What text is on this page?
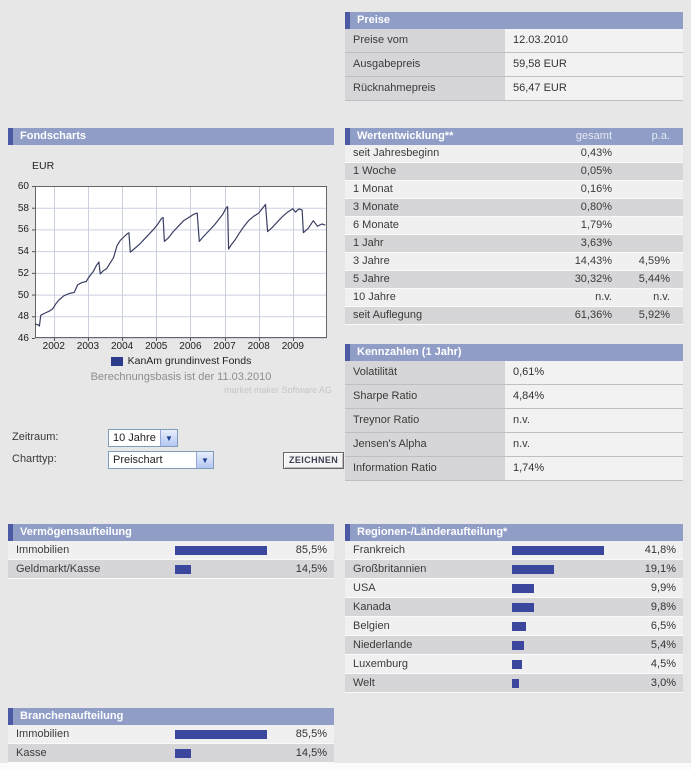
Preise
Preise vom	12.03.2010
Ausgabepreis	59,58 EUR
Rücknahmepreis	56,47 EUR
Fondscharts
EUR
46
48
50
52
54
56
58
60
2002	2003	2004	2005	2006	2007	2008	2009
KanAm grundinvest Fonds
Berechnungsbasis ist der 11.03.2010
market maker Software AG
Zeitraum:	10 Jahre	▼
Charttyp:	Preischart	▼	ZEICHNEN
Wertentwicklung**	gesamt	p.a.
seit Jahresbeginn	0,43%
1 Woche	0,05%
1 Monat	0,16%
3 Monate	0,80%
6 Monate	1,79%
1 Jahr	3,63%
3 Jahre	14,43%	4,59%
5 Jahre	30,32%	5,44%
10 Jahre	n.v.	n.v.
seit Auflegung	61,36%	5,92%
Kennzahlen (1 Jahr)
Volatilität	0,61%
Sharpe Ratio	4,84%
Treynor Ratio	n.v.
Jensen's Alpha	n.v.
Information Ratio	1,74%
Vermögensaufteilung
Immobilien	85,5%
Geldmarkt/Kasse	14,5%
Regionen-/Länderaufteilung*
Frankreich	41,8%
Großbritannien	19,1%
USA	9,9%
Kanada	9,8%
Belgien	6,5%
Niederlande	5,4%
Luxemburg	4,5%
Welt	3,0%
Branchenaufteilung
Immobilien	85,5%
Kasse	14,5%
